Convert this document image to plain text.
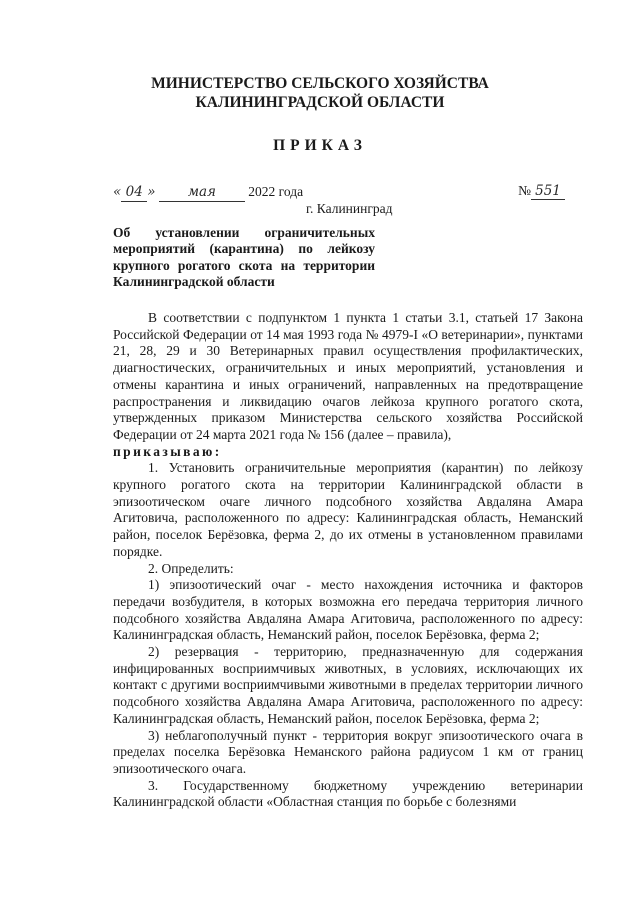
МИНИСТЕРСТВО СЕЛЬСКОГО ХОЗЯЙСТВА
КАЛИНИНГРАДСКОЙ ОБЛАСТИ
ПРИКАЗ
« 04 » мая 2022 года	№ 551
г. Калининград
Об установлении ограничительных
мероприятий (карантина) по лейкозу
крупного рогатого скота на территории
Калининградской области

В соответствии с подпунктом 1 пункта 1 статьи 3.1, статьей 17 Закона Российской Федерации от 14 мая 1993 года № 4979-I «О ветеринарии», пунктами 21, 28, 29 и 30 Ветеринарных правил осуществления профилактических, диагностических, ограничительных и иных мероприятий, установления и отмены карантина и иных ограничений, направленных на предотвращение распространения и ликвидацию очагов лейкоза крупного рогатого скота, утвержденных приказом Министерства сельского хозяйства Российской Федерации от 24 марта 2021 года № 156 (далее – правила),

приказываю:

1. Установить ограничительные мероприятия (карантин) по лейкозу крупного рогатого скота на территории Калининградской области в эпизоотическом очаге личного подсобного хозяйства Авдаляна Амара Агитовича, расположенного по адресу: Калининградская область, Неманский район, поселок Берёзовка, ферма 2, до их отмены в установленном правилами порядке.

2. Определить:

1) эпизоотический очаг - место нахождения источника и факторов передачи возбудителя, в которых возможна его передача территория личного подсобного хозяйства Авдаляна Амара Агитовича, расположенного по адресу: Калининградская область, Неманский район, поселок Берёзовка, ферма 2;

2) резервация - территорию, предназначенную для содержания инфицированных восприимчивых животных, в условиях, исключающих их контакт с другими восприимчивыми животными в пределах территории личного подсобного хозяйства Авдаляна Амара Агитовича, расположенного по адресу: Калининградская область, Неманский район, поселок Берёзовка, ферма 2;

3) неблагополучный пункт - территория вокруг эпизоотического очага в пределах поселка Берёзовка Неманского района радиусом 1 км от границ эпизоотического очага.

3. Государственному бюджетному учреждению ветеринарии Калининградской области «Областная станция по борьбе с болезнями
